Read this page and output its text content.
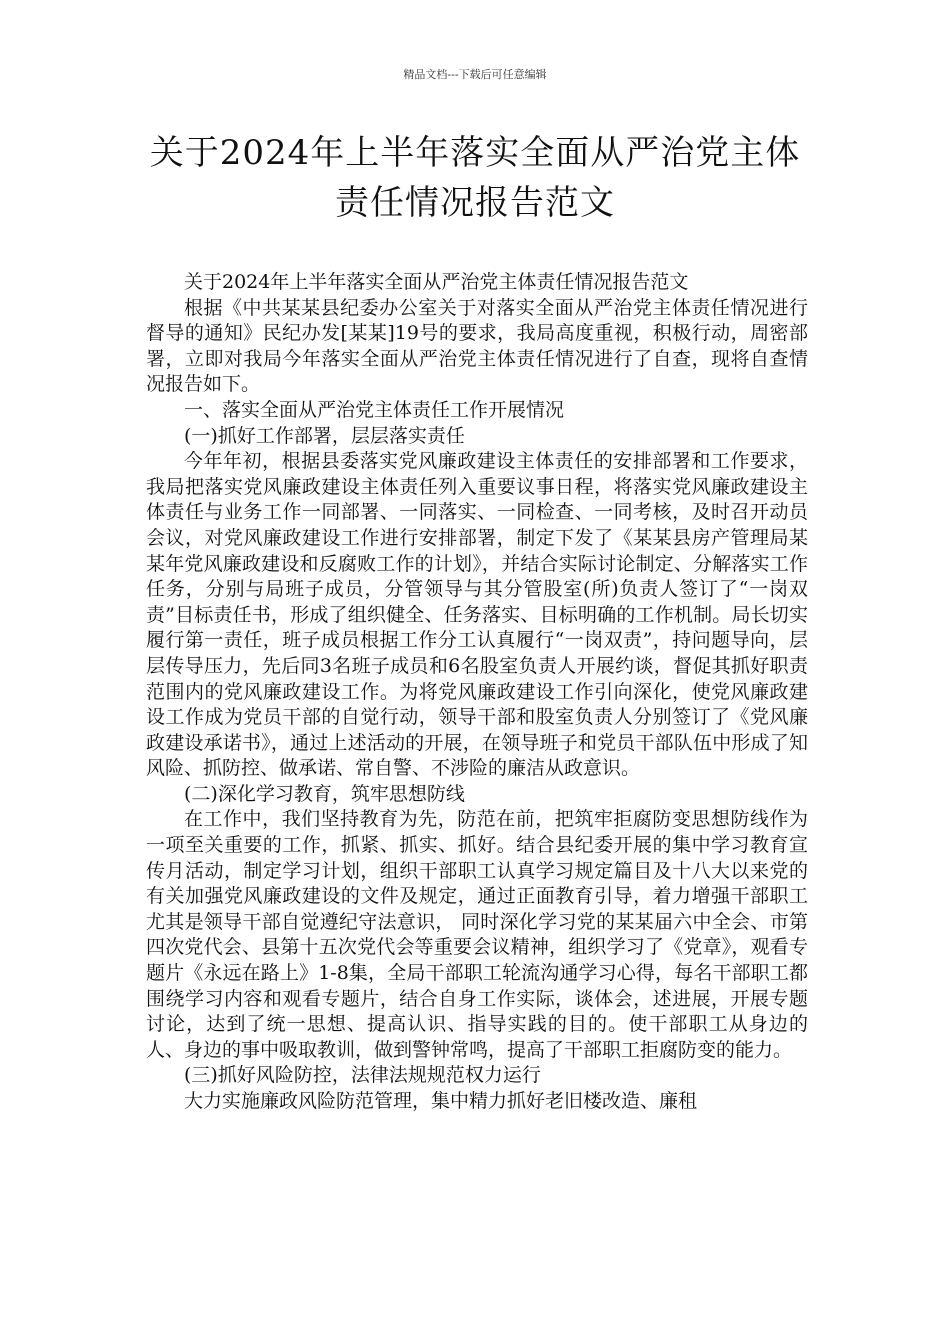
精品文档---下载后可任意编辑
关于2024年上半年落实全面从严治党主体
责任情况报告范文

关于2024年上半年落实全面从严治党主体责任情况报告范文

根据《中共某某县纪委办公室关于对落实全面从严治党主体责任情况进行督导的通知》民纪办发[某某]19号的要求，我局高度重视，积极行动，周密部署，立即对我局今年落实全面从严治党主体责任情况进行了自查，现将自查情况报告如下。

一、落实全面从严治党主体责任工作开展情况

(一)抓好工作部署，层层落实责任

今年年初，根据县委落实党风廉政建设主体责任的安排部署和工作要求，我局把落实党风廉政建设主体责任列入重要议事日程，将落实党风廉政建设主体责任与业务工作一同部署、一同落实、一同检查、一同考核，及时召开动员会议，对党风廉政建设工作进行安排部署，制定下发了《某某县房产管理局某某年党风廉政建设和反腐败工作的计划》，并结合实际讨论制定、分解落实工作任务，分别与局班子成员，分管领导与其分管股室(所)负责人签订了“一岗双责”目标责任书，形成了组织健全、任务落实、目标明确的工作机制。局长切实履行第一责任，班子成员根据工作分工认真履行“一岗双责”，持问题导向，层层传导压力，先后同3名班子成员和6名股室负责人开展约谈，督促其抓好职责范围内的党风廉政建设工作。为将党风廉政建设工作引向深化，使党风廉政建设工作成为党员干部的自觉行动，领导干部和股室负责人分别签订了《党风廉政建设承诺书》，通过上述活动的开展，在领导班子和党员干部队伍中形成了知风险、抓防控、做承诺、常自警、不涉险的廉洁从政意识。

(二)深化学习教育，筑牢思想防线

在工作中，我们坚持教育为先，防范在前，把筑牢拒腐防变思想防线作为一项至关重要的工作，抓紧、抓实、抓好。结合县纪委开展的集中学习教育宣传月活动，制定学习计划，组织干部职工认真学习规定篇目及十八大以来党的有关加强党风廉政建设的文件及规定，通过正面教育引导，着力增强干部职工尤其是领导干部自觉遵纪守法意识， 同时深化学习党的某某届六中全会、市第四次党代会、县第十五次党代会等重要会议精神，组织学习了《党章》，观看专题片《永远在路上》1-8集，全局干部职工轮流沟通学习心得，每名干部职工都围绕学习内容和观看专题片，结合自身工作实际，谈体会，述进展，开展专题讨论，达到了统一思想、提高认识、指导实践的目的。使干部职工从身边的人、身边的事中吸取教训，做到警钟常鸣，提高了干部职工拒腐防变的能力。

(三)抓好风险防控，法律法规规范权力运行

大力实施廉政风险防范管理，集中精力抓好老旧楼改造、廉租
